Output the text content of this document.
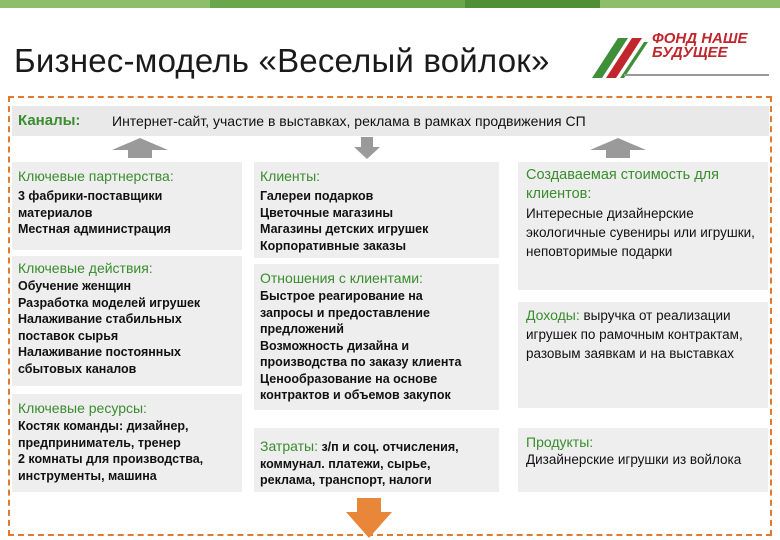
Бизнес-модель «Веселый войлок»
ФОНД НАШЕ БУДУЩЕЕ
Каналы: Интернет-сайт, участие в выставках, реклама в рамках продвижения СП
Ключевые партнерства:
3 фабрики-поставщики
материалов
Местная администрация
Ключевые действия:
Обучение женщин
Разработка моделей игрушек
Налаживание стабильных
поставок сырья
Налаживание постоянных
сбытовых каналов
Ключевые ресурсы:
Костяк команды: дизайнер,
предприниматель, тренер
2 комнаты для производства,
инструменты, машина
Клиенты:
Галереи подарков
Цветочные магазины
Магазины детских игрушек
Корпоративные заказы
Отношения с клиентами:
Быстрое реагирование на
запросы и предоставление
предложений
Возможность дизайна и
производства по заказу клиента
Ценообразование на основе
контрактов и объемов закупок
Затраты: з/п и соц. отчисления,
коммунал. платежи, сырье,
реклама, транспорт, налоги
Создаваемая стоимость для клиентов:
Интересные дизайнерские экологичные сувениры или игрушки, неповторимые подарки
Доходы: выручка от реализации игрушек по рамочным контрактам, разовым заявкам и на выставках
Продукты:
Дизайнерские игрушки из войлока
